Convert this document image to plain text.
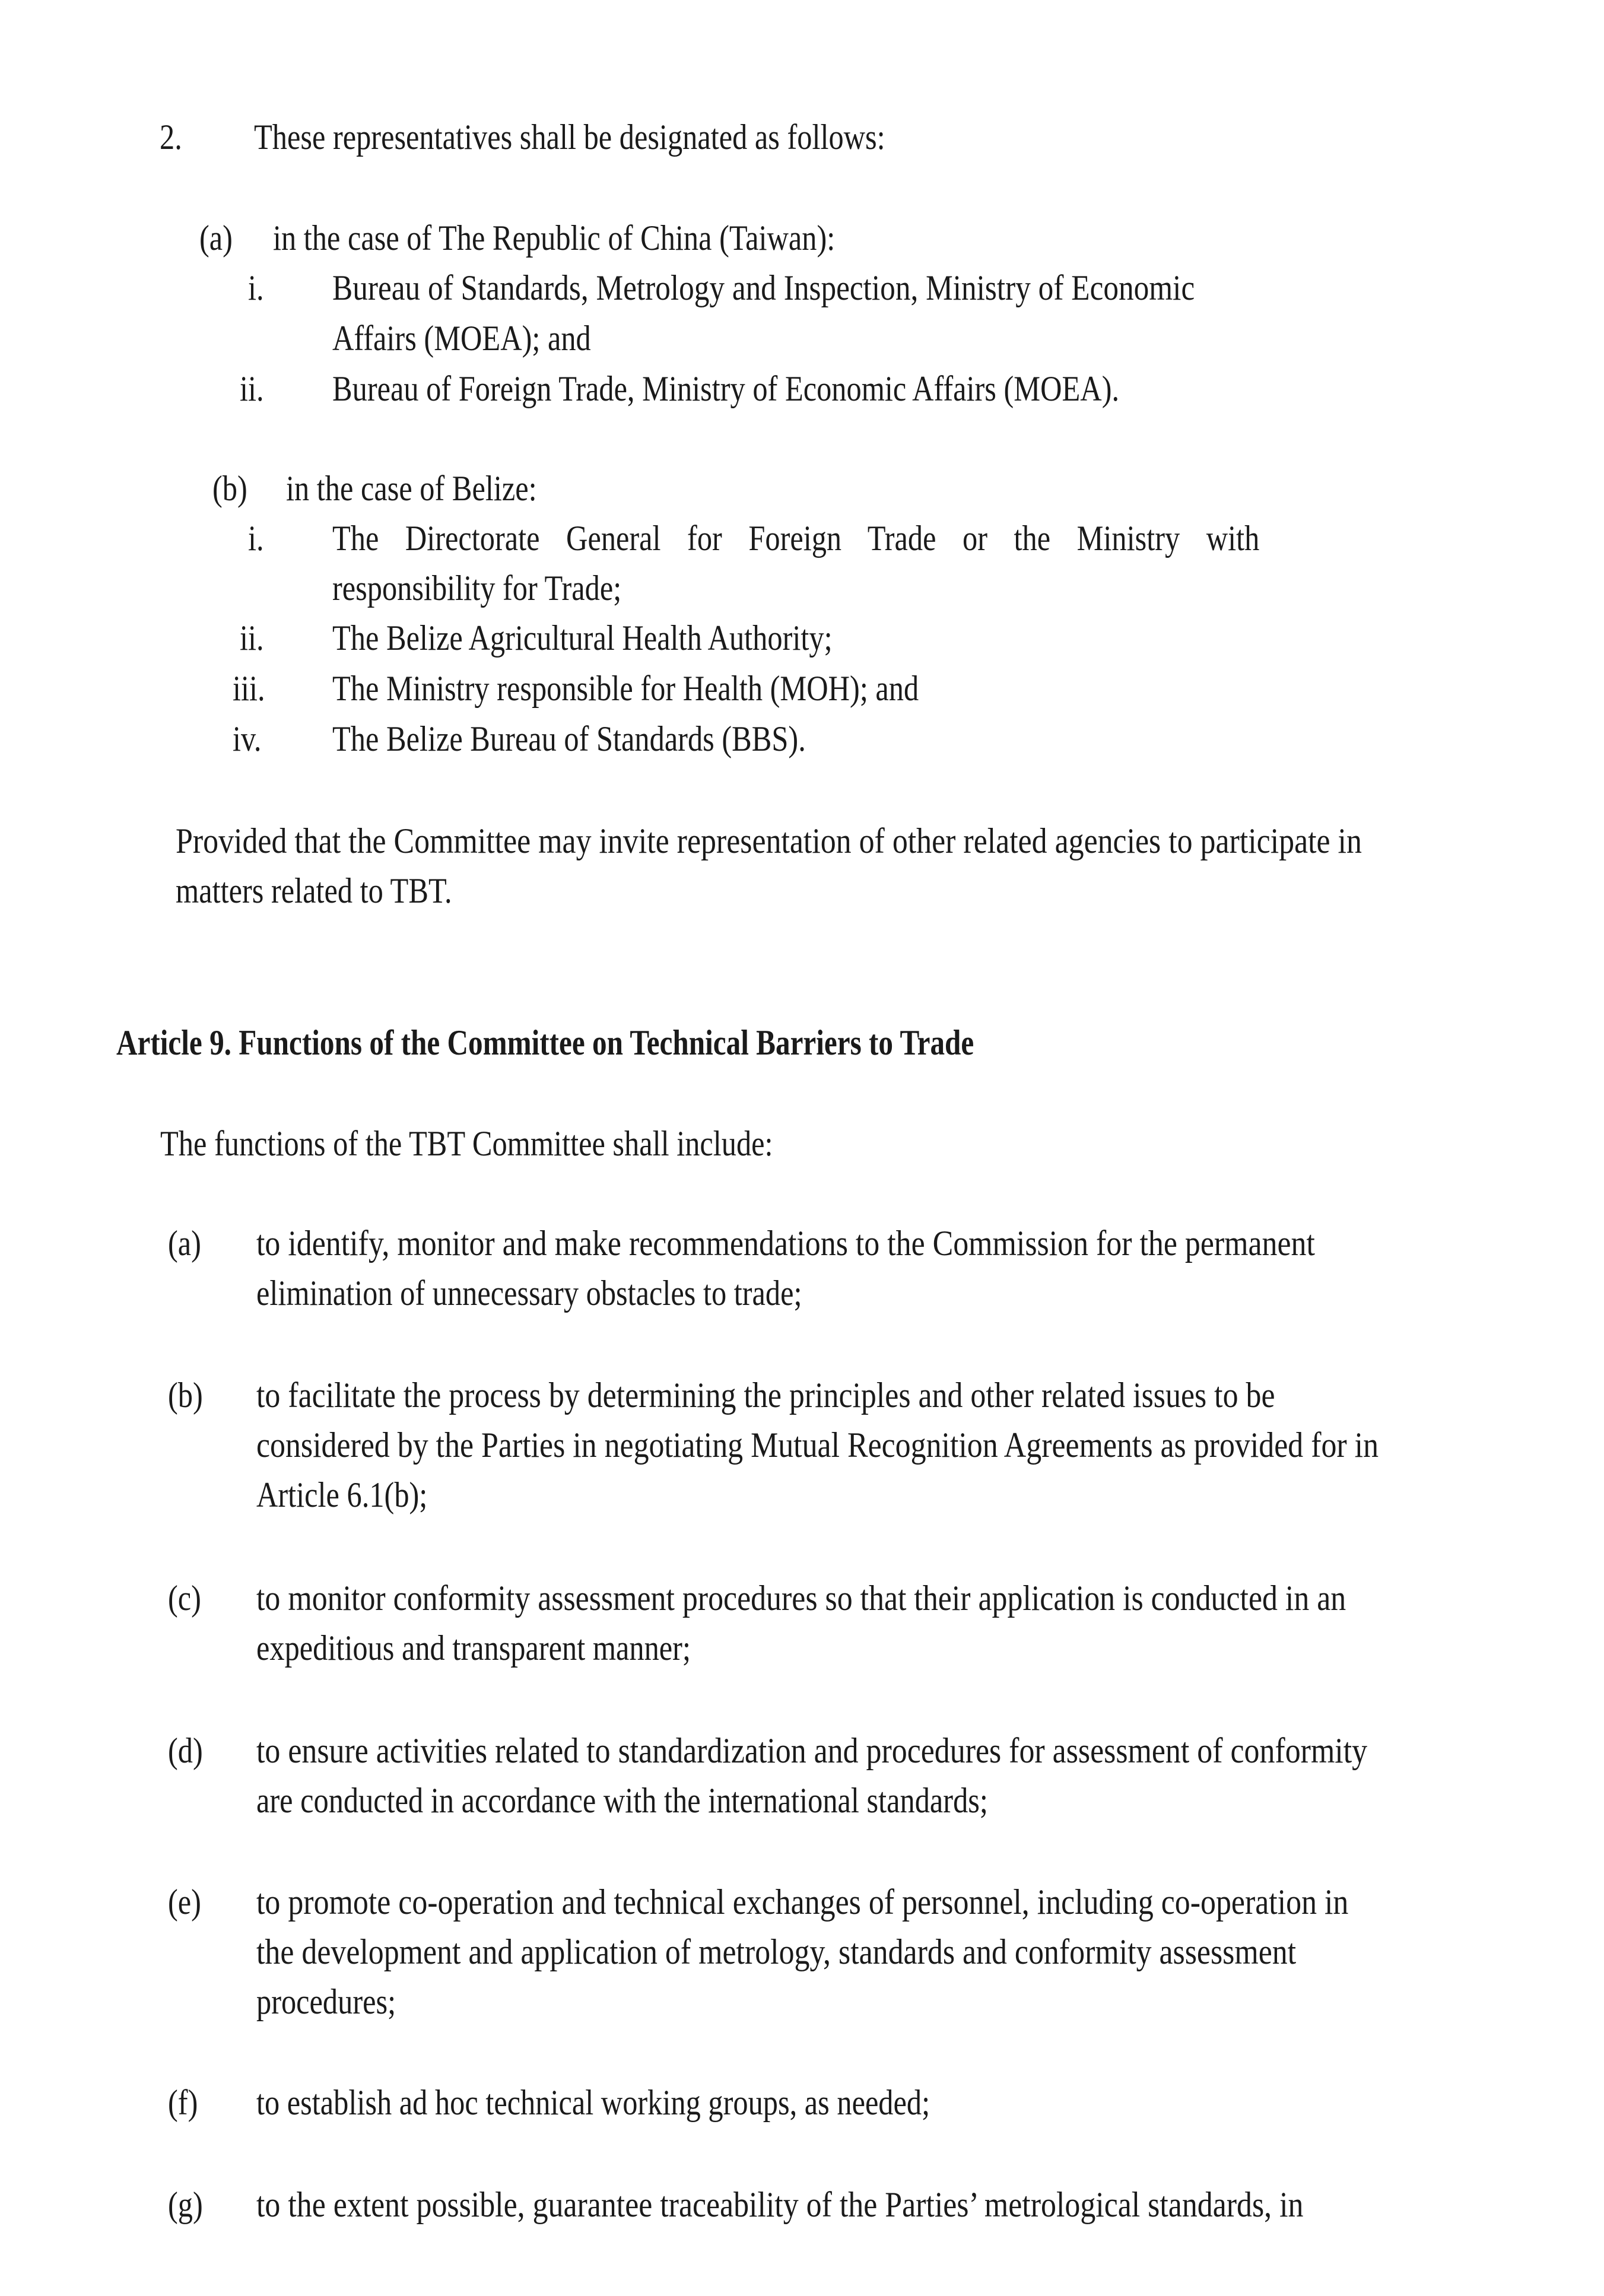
2. These representatives shall be designated as follows:
(a) in the case of The Republic of China (Taiwan):
i. Bureau of Standards, Metrology and Inspection, Ministry of Economic
Affairs (MOEA); and
ii. Bureau of Foreign Trade, Ministry of Economic Affairs (MOEA).
(b) in the case of Belize:
i. The Directorate General for Foreign Trade or the Ministry with
responsibility for Trade;
ii. The Belize Agricultural Health Authority;
iii. The Ministry responsible for Health (MOH); and
iv. The Belize Bureau of Standards (BBS).
Provided that the Committee may invite representation of other related agencies to participate in
matters related to TBT.
Article 9. Functions of the Committee on Technical Barriers to Trade
The functions of the TBT Committee shall include:
(a) to identify, monitor and make recommendations to the Commission for the permanent
elimination of unnecessary obstacles to trade;
(b) to facilitate the process by determining the principles and other related issues to be
considered by the Parties in negotiating Mutual Recognition Agreements as provided for in
Article 6.1(b);
(c) to monitor conformity assessment procedures so that their application is conducted in an
expeditious and transparent manner;
(d) to ensure activities related to standardization and procedures for assessment of conformity
are conducted in accordance with the international standards;
(e) to promote co-operation and technical exchanges of personnel, including co-operation in
the development and application of metrology, standards and conformity assessment
procedures;
(f) to establish ad hoc technical working groups, as needed;
(g) to the extent possible, guarantee traceability of the Parties’ metrological standards, in
